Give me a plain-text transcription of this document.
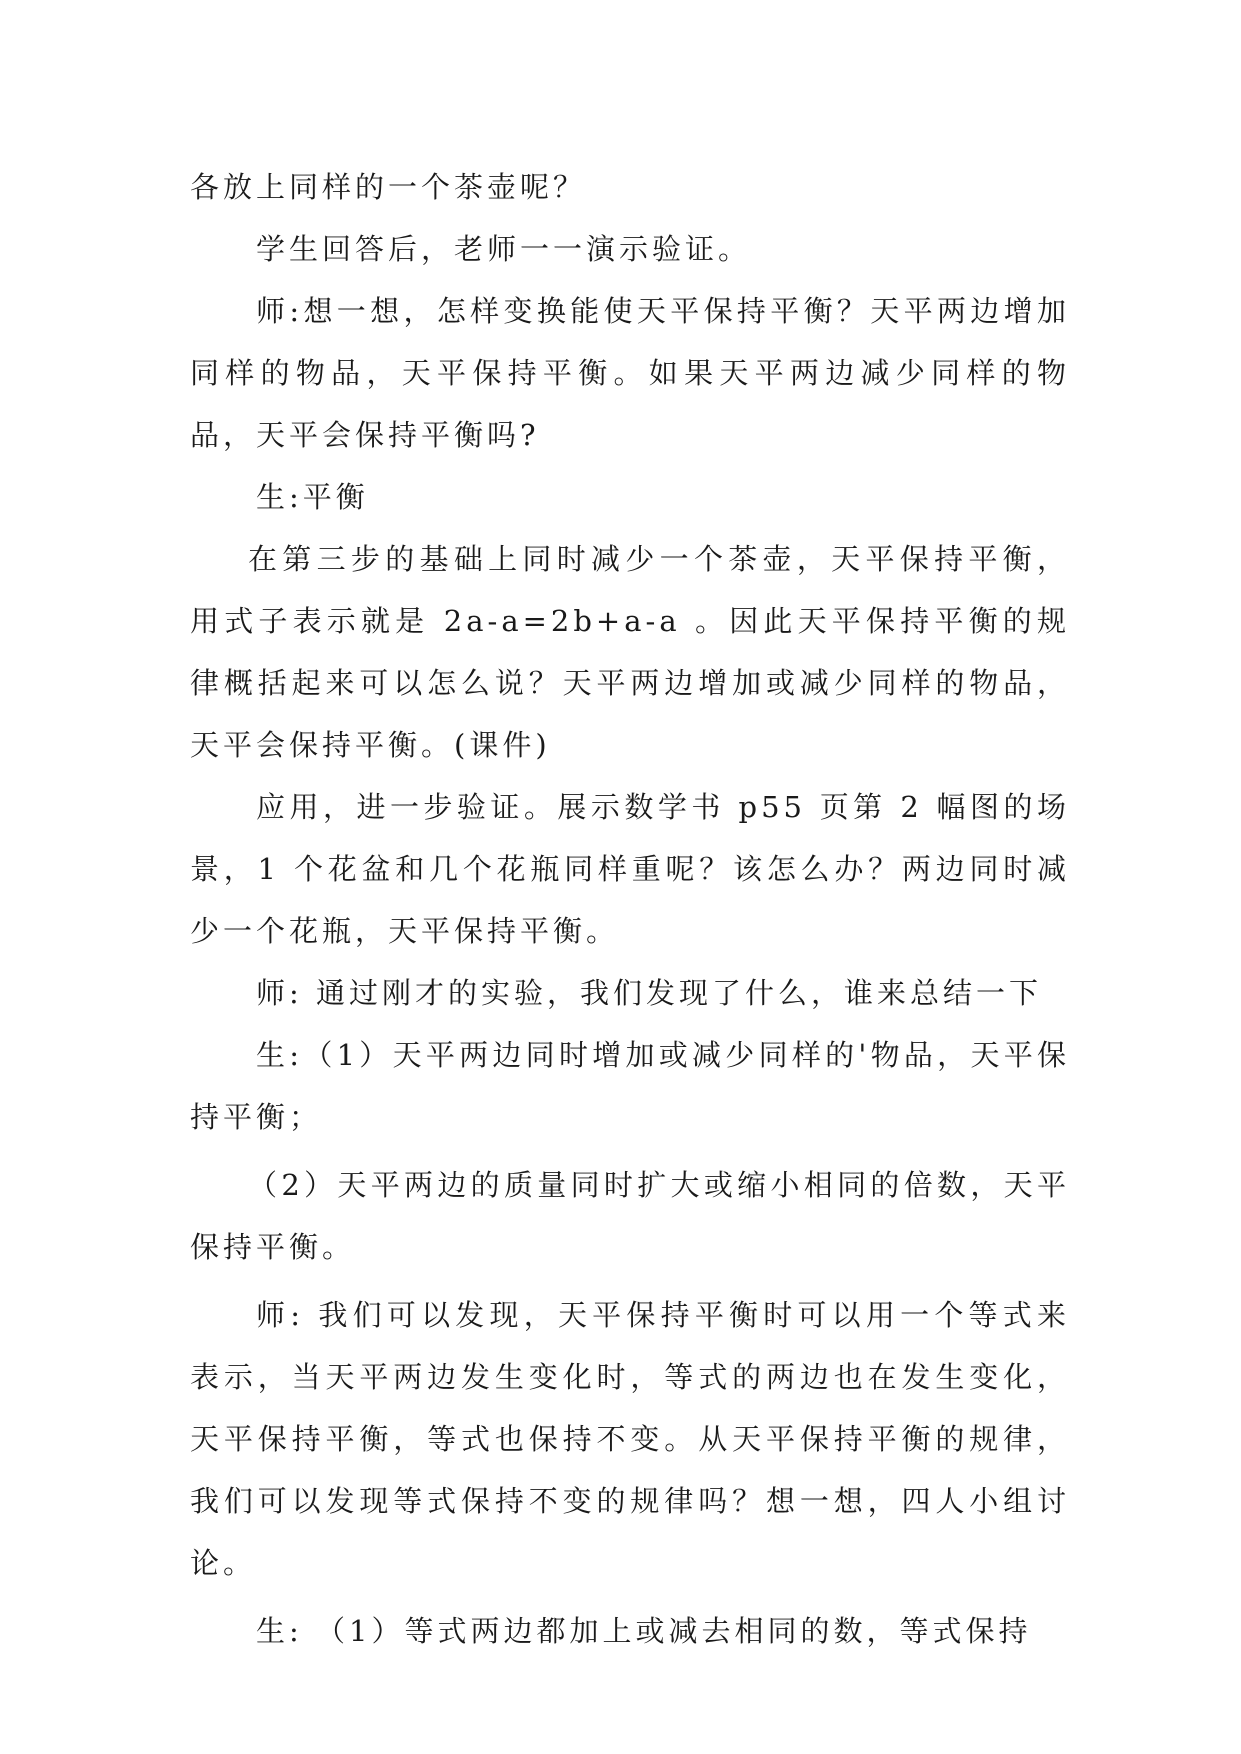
各放上同样的一个茶壶呢？

学生回答后，老师一一演示验证。

师:想一想，怎样变换能使天平保持平衡？天平两边增加同样的物品，天平保持平衡。如果天平两边减少同样的物品，天平会保持平衡吗?

生:平衡

在第三步的基础上同时减少一个茶壶，天平保持平衡，用式子表示就是 2a-a=2b+a-a 。因此天平保持平衡的规律概括起来可以怎么说？天平两边增加或减少同样的物品，天平会保持平衡。(课件)

应用，进一步验证。展示数学书 p55 页第 2 幅图的场景，1 个花盆和几个花瓶同样重呢？该怎么办？两边同时减少一个花瓶，天平保持平衡。

师: 通过刚才的实验，我们发现了什么，谁来总结一下

生:（1）天平两边同时增加或减少同样的'物品，天平保持平衡；

（2）天平两边的质量同时扩大或缩小相同的倍数，天平保持平衡。

师: 我们可以发现，天平保持平衡时可以用一个等式来表示，当天平两边发生变化时，等式的两边也在发生变化，天平保持平衡，等式也保持不变。从天平保持平衡的规律，我们可以发现等式保持不变的规律吗？想一想，四人小组讨论。

生: （1）等式两边都加上或减去相同的数，等式保持
